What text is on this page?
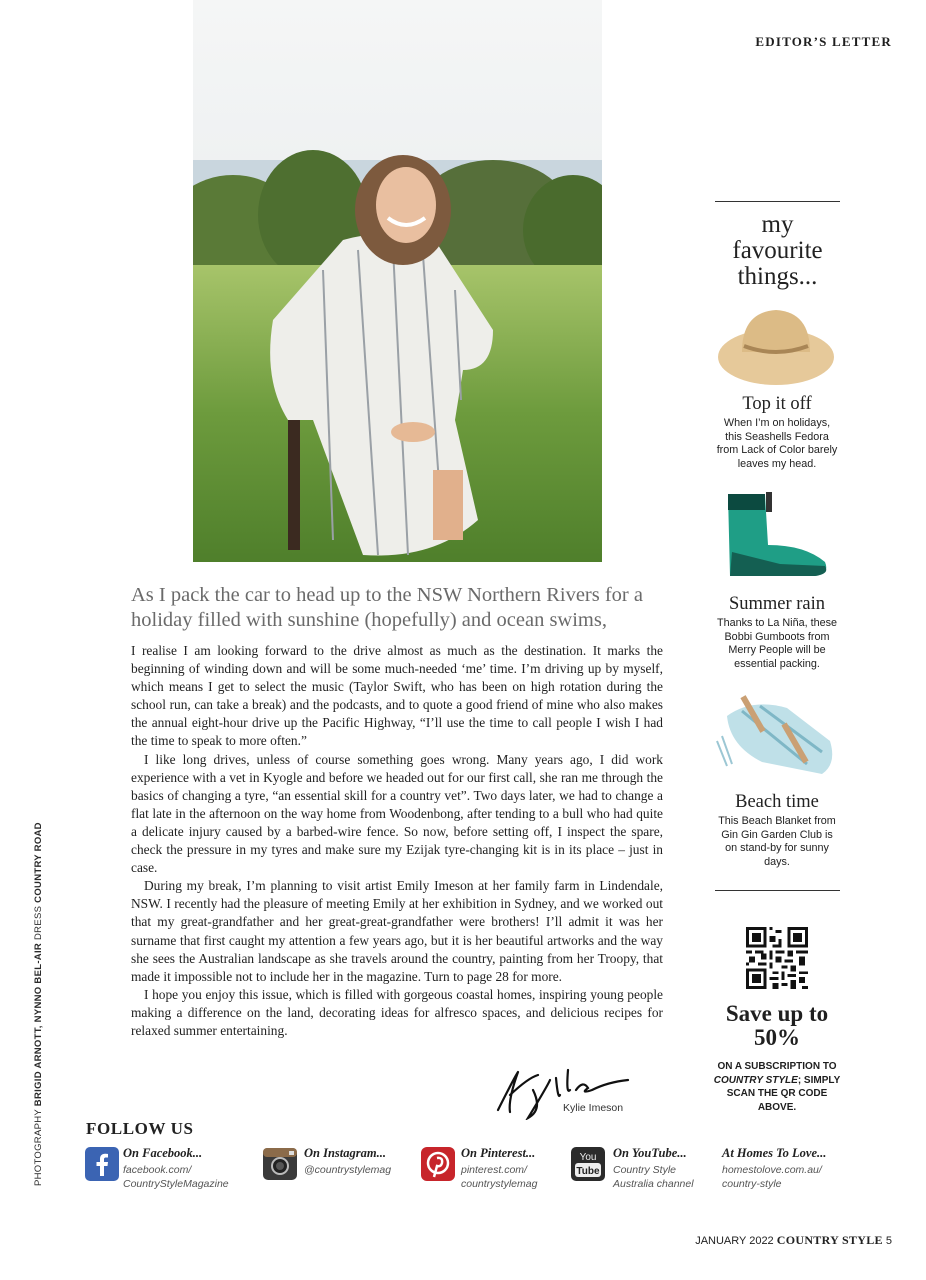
EDITOR’S LETTER
PHOTOGRAPHY BRIGID ARNOTT, NYNNO BEL-AIR DRESS COUNTRY ROAD
As I pack the car to head up to the NSW Northern Rivers for a holiday filled with sunshine (hopefully) and ocean swims,

I realise I am looking forward to the drive almost as much as the destination. It marks the beginning of winding down and will be some much-needed ‘me’ time. I’m driving up by myself, which means I get to select the music (Taylor Swift, who has been on high rotation during the school run, can take a break) and the podcasts, and to quote a good friend of mine who also makes the annual eight-hour drive up the Pacific Highway, “I’ll use the time to call people I wish I had the time to speak to more often.”

I like long drives, unless of course something goes wrong. Many years ago, I did work experience with a vet in Kyogle and before we headed out for our first call, she ran me through the basics of changing a tyre, “an essential skill for a country vet”. Two days later, we had to change a flat late in the afternoon on the way home from Woodenbong, after tending to a bull who had quite a delicate injury caused by a barbed-wire fence. So now, before setting off, I inspect the spare, check the pressure in my tyres and make sure my Ezijak tyre-changing kit is in its place – just in case.

During my break, I’m planning to visit artist Emily Imeson at her family farm in Lindendale, NSW. I recently had the pleasure of meeting Emily at her exhibition in Sydney, and we worked out that my great-grandfather and her great-great-grandfather were brothers! I’ll admit it was her surname that first caught my attention a few years ago, but it is her beautiful artworks and the way she sees the Australian landscape as she travels around the country, painting from her Troopy, that made it impossible not to include her in the magazine. Turn to page 28 for more.

I hope you enjoy this issue, which is filled with gorgeous coastal homes, inspiring young people making a difference on the land, decorating ideas for alfresco spaces, and delicious recipes for relaxed summer entertaining.

Kylie Imeson
my favourite things...
Top it off
When I’m on holidays, this Seashells Fedora from Lack of Color barely leaves my head.
Summer rain
Thanks to La Niña, these Bobbi Gumboots from Merry People will be essential packing.
Beach time
This Beach Blanket from Gin Gin Garden Club is on stand-by for sunny days.
Save up to 50%
ON A SUBSCRIPTION TO COUNTRY STYLE; SIMPLY SCAN THE QR CODE ABOVE.
FOLLOW US
On Facebook...
facebook.com/
CountryStyleMagazine
On Instagram...
@countrystylemag
On Pinterest...
pinterest.com/
countrystylemag
You
Tube
On YouTube...
Country Style
Australia channel
At Homes To Love...
homestolove.com.au/
country-style
JANUARY 2022 COUNTRY STYLE 5
